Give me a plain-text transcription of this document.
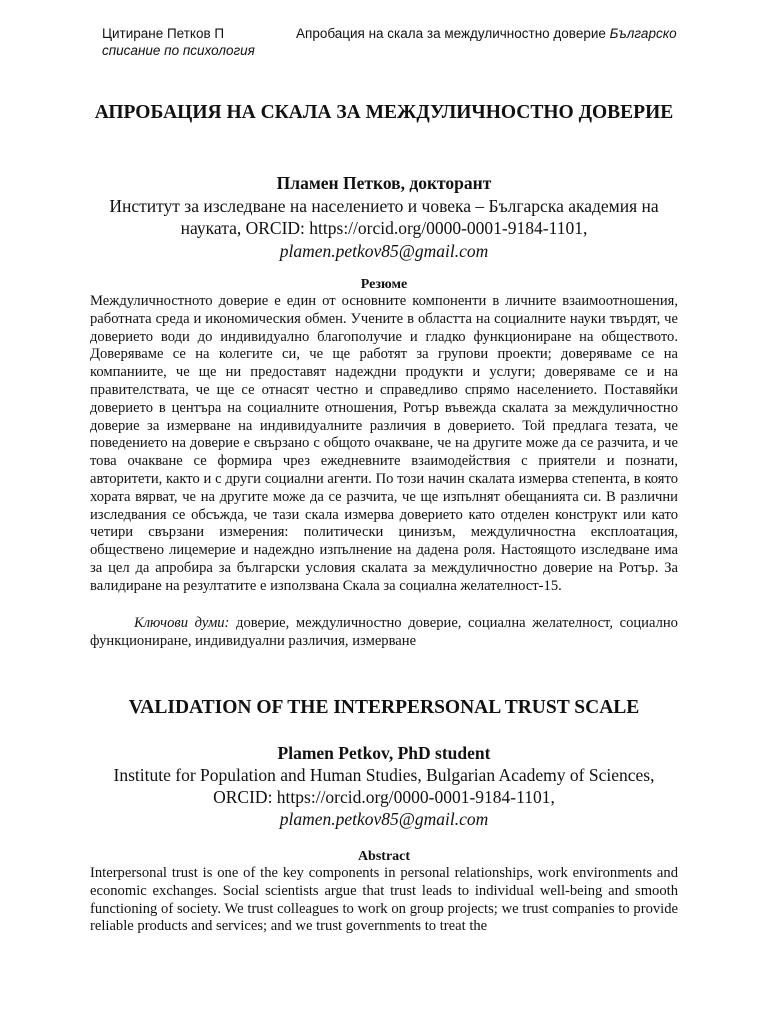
Цитиране Петков П
списание по психология
Апробация на скала за междуличностно доверие Българско
АПРОБАЦИЯ НА СКАЛА ЗА МЕЖДУЛИЧНОСТНО ДОВЕРИЕ
Пламен Петков, докторант
Институт за изследване на населението и човека – Българска академия на науката, ORCID: https://orcid.org/0000-0001-9184-1101,
plamen.petkov85@gmail.com
Резюме
Междуличностното доверие е един от основните компоненти в личните взаимоотношения, работната среда и икономическия обмен. Учените в областта на социалните науки твърдят, че доверието води до индивидуално благополучие и гладко функциониране на обществото. Доверяваме се на колегите си, че ще работят за групови проекти; доверяваме се на компаниите, че ще ни предоставят надеждни продукти и услуги; доверяваме се и на правителствата, че ще се отнасят честно и справедливо спрямо населението. Поставяйки доверието в центъра на социалните отношения, Ротър въвежда скалата за междуличностно доверие за измерване на индивидуалните различия в доверието. Той предлага тезата, че поведението на доверие е свързано с общото очакване, че на другите може да се разчита, и че това очакване се формира чрез ежедневните взаимодействия с приятели и познати, авторитети, както и с други социални агенти. По този начин скалата измерва степента, в която хората вярват, че на другите може да се разчита, че ще изпълнят обещанията си. В различни изследвания се обсъжда, че тази скала измерва доверието като отделен конструкт или като четири свързани измерения: политически цинизъм, междуличностна експлоатация, обществено лицемерие и надеждно изпълнение на дадена роля. Настоящото изследване има за цел да апробира за български условия скалата за междуличностно доверие на Ротър. За валидиране на резултатите е използвана Скала за социална желателност-15.
Ключови думи: доверие, междуличностно доверие, социална желателност, социално функциониране, индивидуални различия, измерване
VALIDATION OF THE INTERPERSONAL TRUST SCALE
Plamen Petkov, PhD student
Institute for Population and Human Studies, Bulgarian Academy of Sciences, ORCID: https://orcid.org/0000-0001-9184-1101,
plamen.petkov85@gmail.com
Abstract
Interpersonal trust is one of the key components in personal relationships, work environments and economic exchanges. Social scientists argue that trust leads to individual well-being and smooth functioning of society. We trust colleagues to work on group projects; we trust companies to provide reliable products and services; and we trust governments to treat the
